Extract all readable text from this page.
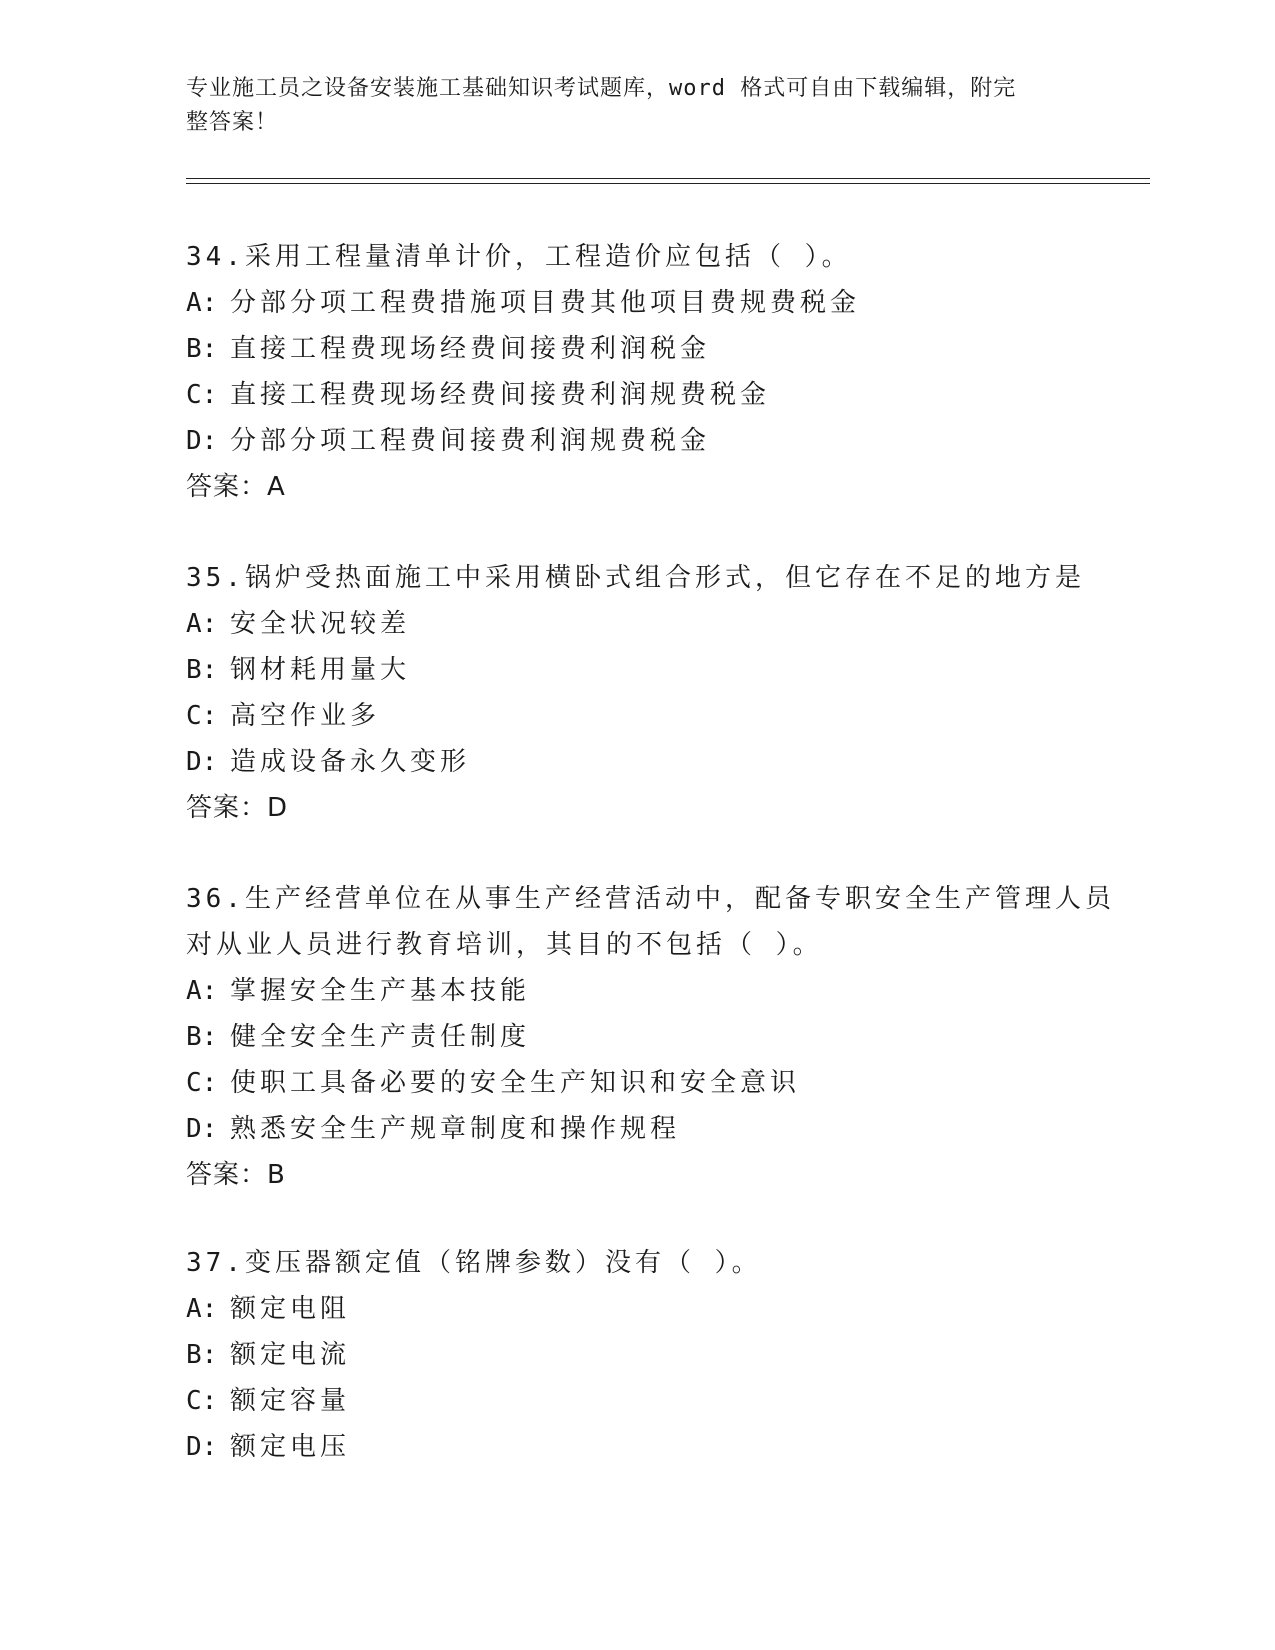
专业施工员之设备安装施工基础知识考试题库，word 格式可自由下载编辑，附完
整答案！
34.采用工程量清单计价，工程造价应包括（ ）。
A: 分部分项工程费措施项目费其他项目费规费税金
B: 直接工程费现场经费间接费利润税金
C: 直接工程费现场经费间接费利润规费税金
D: 分部分项工程费间接费利润规费税金
答案：A
35.锅炉受热面施工中采用横卧式组合形式，但它存在不足的地方是
A: 安全状况较差
B: 钢材耗用量大
C: 高空作业多
D: 造成设备永久变形
答案：D
36.生产经营单位在从事生产经营活动中，配备专职安全生产管理人员
对从业人员进行教育培训，其目的不包括（ ）。
A: 掌握安全生产基本技能
B: 健全安全生产责任制度
C: 使职工具备必要的安全生产知识和安全意识
D: 熟悉安全生产规章制度和操作规程
答案：B
37.变压器额定值（铭牌参数）没有（ ）。
A: 额定电阻
B: 额定电流
C: 额定容量
D: 额定电压
